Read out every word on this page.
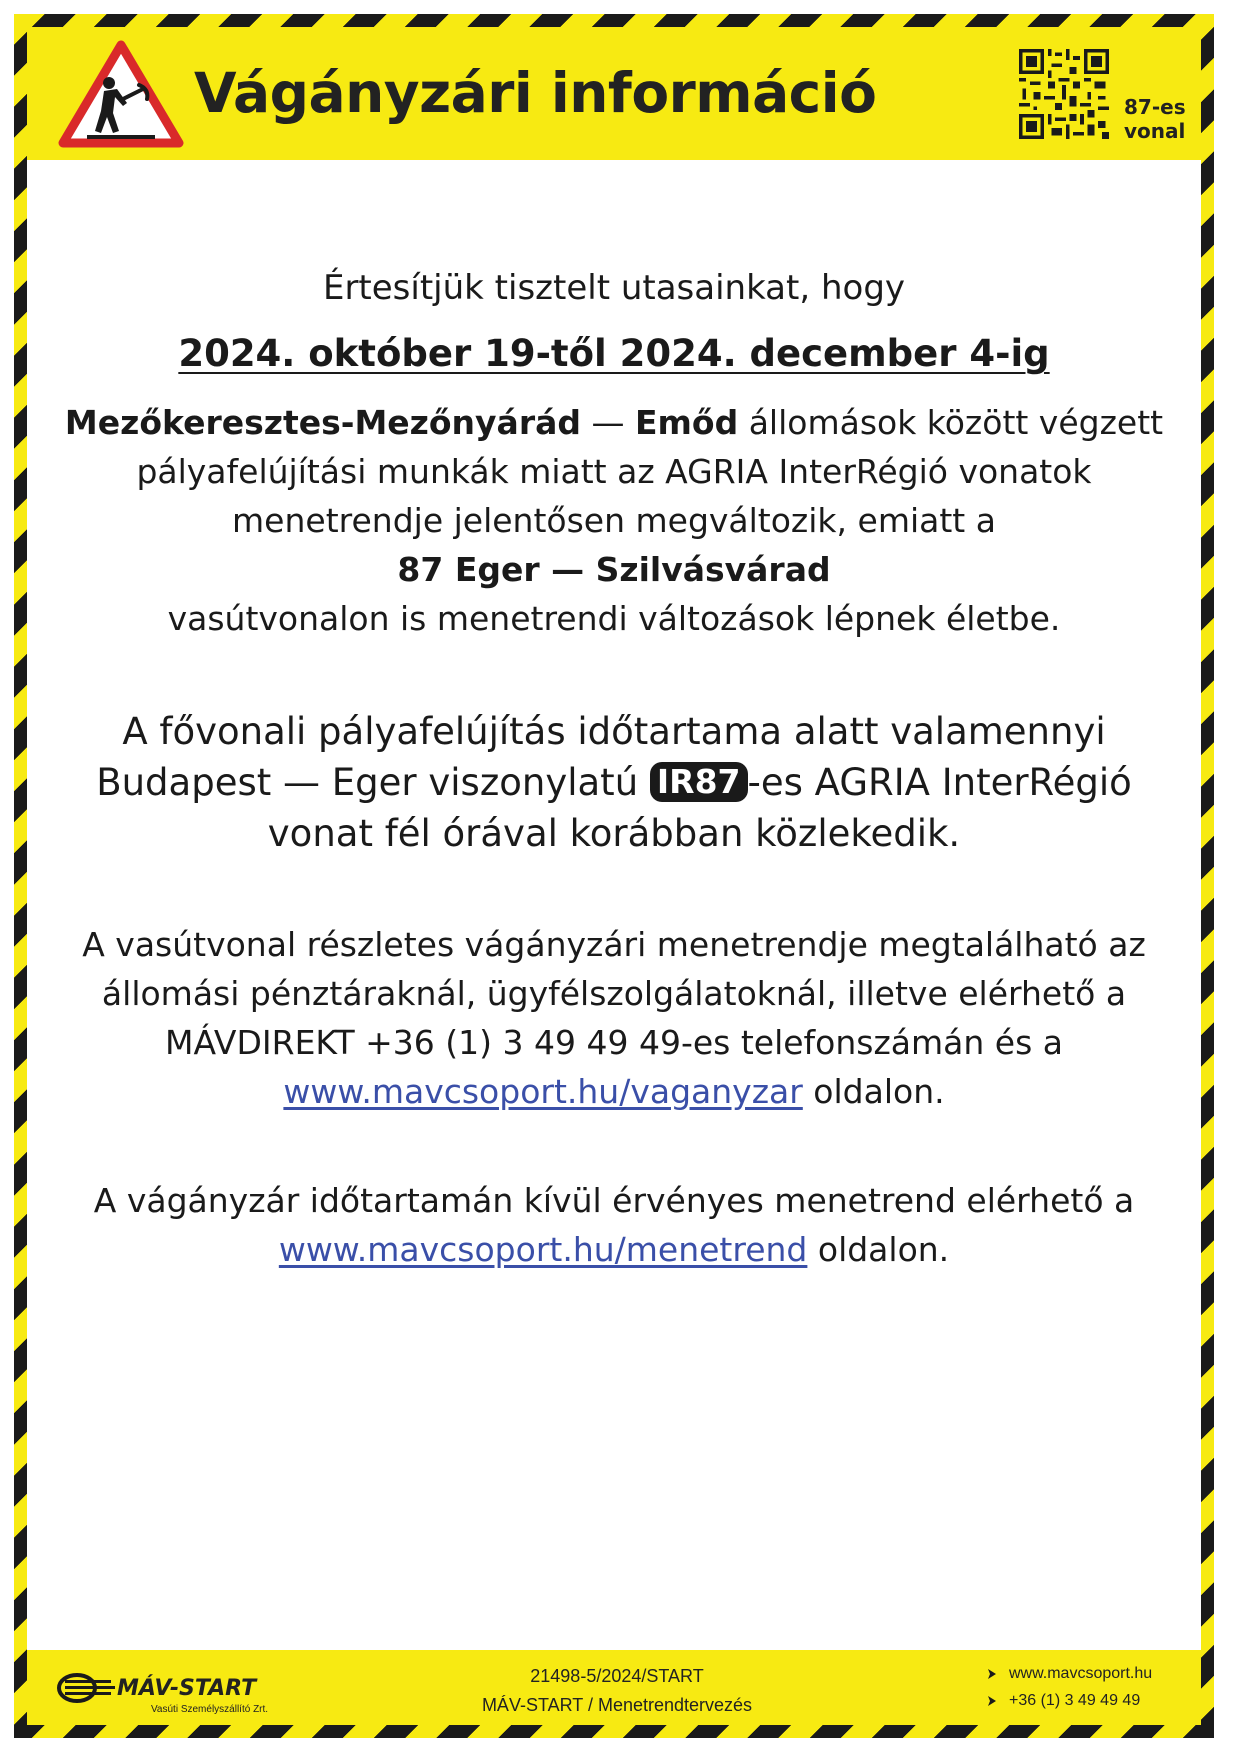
Vágányzári információ	87-es
vonal

Értesítjük tisztelt utasainkat, hogy

2024. október 19-től 2024. december 4-ig

Mezőkeresztes-Mezőnyárád — Emőd állomások között végzett
pályafelújítási munkák miatt az AGRIA InterRégió vonatok
menetrendje jelentősen megváltozik, emiatt a
87 Eger — Szilvásvárad
vasútvonalon is menetrendi változások lépnek életbe.
A fővonali pályafelújítás időtartama alatt valamennyi
Budapest — Eger viszonylatú IR87 -es AGRIA InterRégió
vonat fél órával korábban közlekedik.
A vasútvonal részletes vágányzári menetrendje megtalálható az
állomási pénztáraknál, ügyfélszolgálatoknál, illetve elérhető a
MÁVDIREKT +36 (1) 3 49 49 49-es telefonszámán és a
www.mavcsoport.hu/vaganyzar oldalon.
A vágányzár időtartamán kívül érvényes menetrend elérhető a
www.mavcsoport.hu/menetrend oldalon.
MÁV-START
Vasúti Személyszállító Zrt.
21498-5/2024/START
MÁV-START / Menetrendtervezés
www.mavcsoport.hu
+36 (1) 3 49 49 49
